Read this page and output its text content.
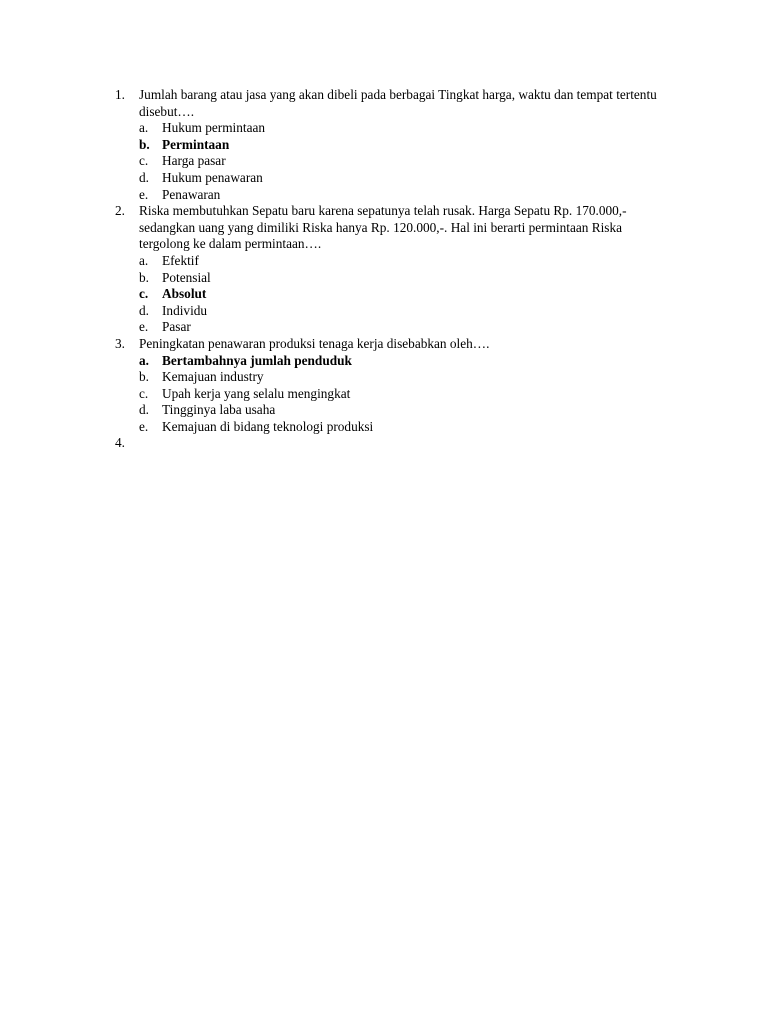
1.	Jumlah barang atau jasa yang akan dibeli pada berbagai Tingkat harga, waktu dan tempat tertentu disebut….
a.	Hukum permintaan
b. Permintaan
c.	Harga pasar
d. Hukum penawaran
e.	Penawaran
2.	Riska membutuhkan Sepatu baru karena sepatunya telah rusak. Harga Sepatu Rp. 170.000,- sedangkan uang yang dimiliki Riska hanya Rp. 120.000,-. Hal ini berarti permintaan Riska tergolong ke dalam permintaan….
a.	Efektif
b. Potensial
c.	Absolut
d. Individu
e.	Pasar
3.	Peningkatan penawaran produksi tenaga kerja disebabkan oleh….
a. Bertambahnya jumlah penduduk
b. Kemajuan industry
c.	Upah kerja yang selalu mengingkat
d. Tingginya laba usaha
e.	Kemajuan di bidang teknologi produksi
4.
